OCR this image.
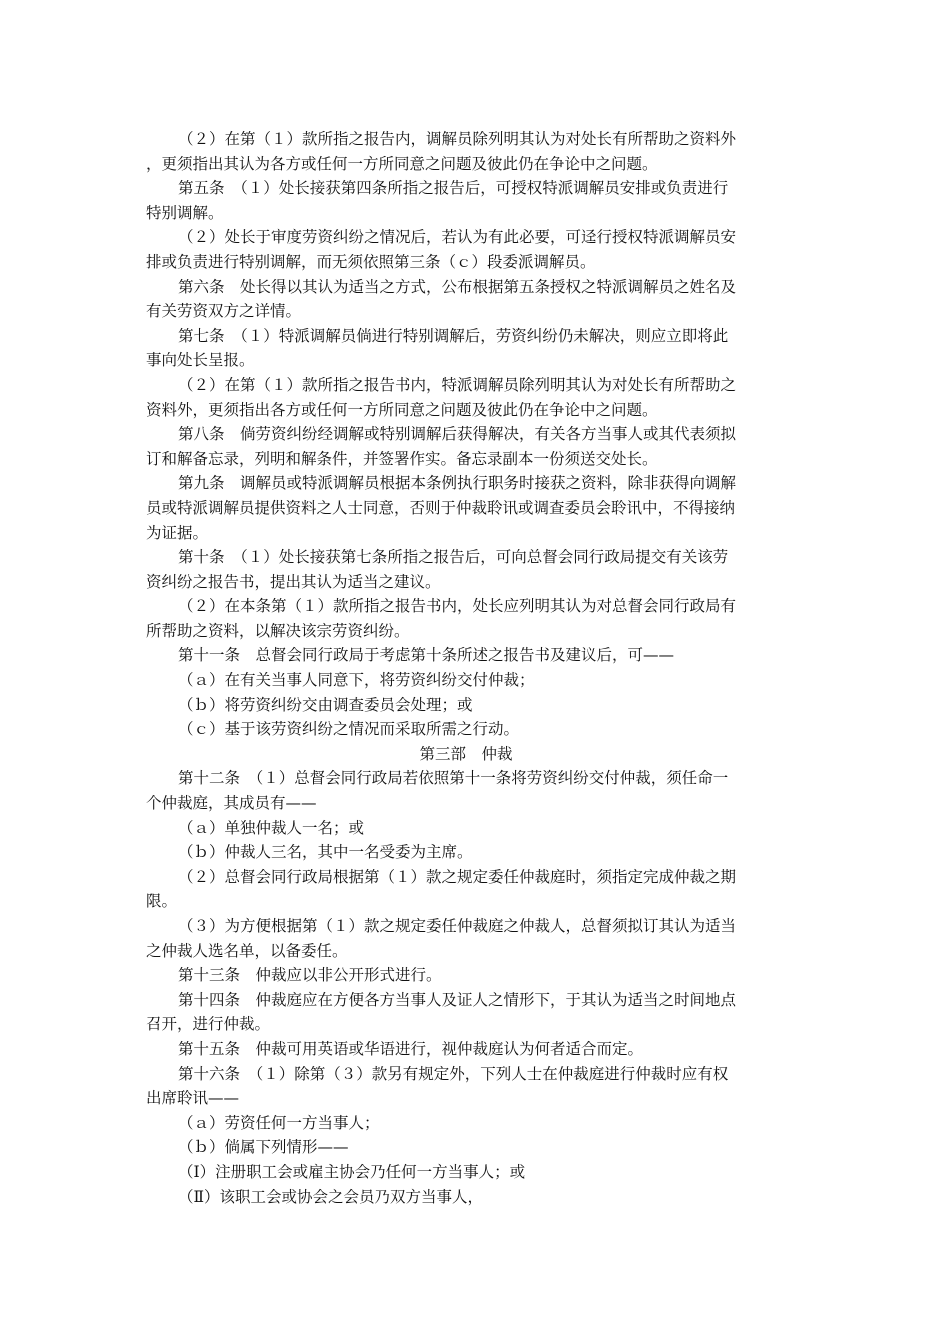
（２）在第（１）款所指之报告内，调解员除列明其认为对处长有所帮助之资料外
，更须指出其认为各方或任何一方所同意之问题及彼此仍在争论中之问题。
第五条　（１）处长接获第四条所指之报告后，可授权特派调解员安排或负责进行
特别调解。
（２）处长于审度劳资纠纷之情况后，若认为有此必要，可迳行授权特派调解员安
排或负责进行特别调解，而无须依照第三条（ｃ）段委派调解员。
第六条　处长得以其认为适当之方式，公布根据第五条授权之特派调解员之姓名及
有关劳资双方之详情。
第七条　（１）特派调解员倘进行特别调解后，劳资纠纷仍未解决，则应立即将此
事向处长呈报。
（２）在第（１）款所指之报告书内，特派调解员除列明其认为对处长有所帮助之
资料外，更须指出各方或任何一方所同意之问题及彼此仍在争论中之问题。
第八条　倘劳资纠纷经调解或特别调解后获得解决，有关各方当事人或其代表须拟
订和解备忘录，列明和解条件，并签署作实。备忘录副本一份须送交处长。
第九条　调解员或特派调解员根据本条例执行职务时接获之资料，除非获得向调解
员或特派调解员提供资料之人士同意，否则于仲裁聆讯或调查委员会聆讯中，不得接纳
为证据。
第十条　（１）处长接获第七条所指之报告后，可向总督会同行政局提交有关该劳
资纠纷之报告书，提出其认为适当之建议。
（２）在本条第（１）款所指之报告书内，处长应列明其认为对总督会同行政局有
所帮助之资料，以解决该宗劳资纠纷。
第十一条　总督会同行政局于考虑第十条所述之报告书及建议后，可——
（ａ）在有关当事人同意下，将劳资纠纷交付仲裁；
（ｂ）将劳资纠纷交由调查委员会处理；或
（ｃ）基于该劳资纠纷之情况而采取所需之行动。
第三部　仲裁
第十二条　（１）总督会同行政局若依照第十一条将劳资纠纷交付仲裁，须任命一
个仲裁庭，其成员有——
（ａ）单独仲裁人一名；或
（ｂ）仲裁人三名，其中一名受委为主席。
（２）总督会同行政局根据第（１）款之规定委任仲裁庭时，须指定完成仲裁之期
限。
（３）为方便根据第（１）款之规定委任仲裁庭之仲裁人，总督须拟订其认为适当
之仲裁人选名单，以备委任。
第十三条　仲裁应以非公开形式进行。
第十四条　仲裁庭应在方便各方当事人及证人之情形下，于其认为适当之时间地点
召开，进行仲裁。
第十五条　仲裁可用英语或华语进行，视仲裁庭认为何者适合而定。
第十六条　（１）除第（３）款另有规定外，下列人士在仲裁庭进行仲裁时应有权
出席聆讯——
（ａ）劳资任何一方当事人；
（ｂ）倘属下列情形——
（Ⅰ）注册职工会或雇主协会乃任何一方当事人；或
（Ⅱ）该职工会或协会之会员乃双方当事人，
